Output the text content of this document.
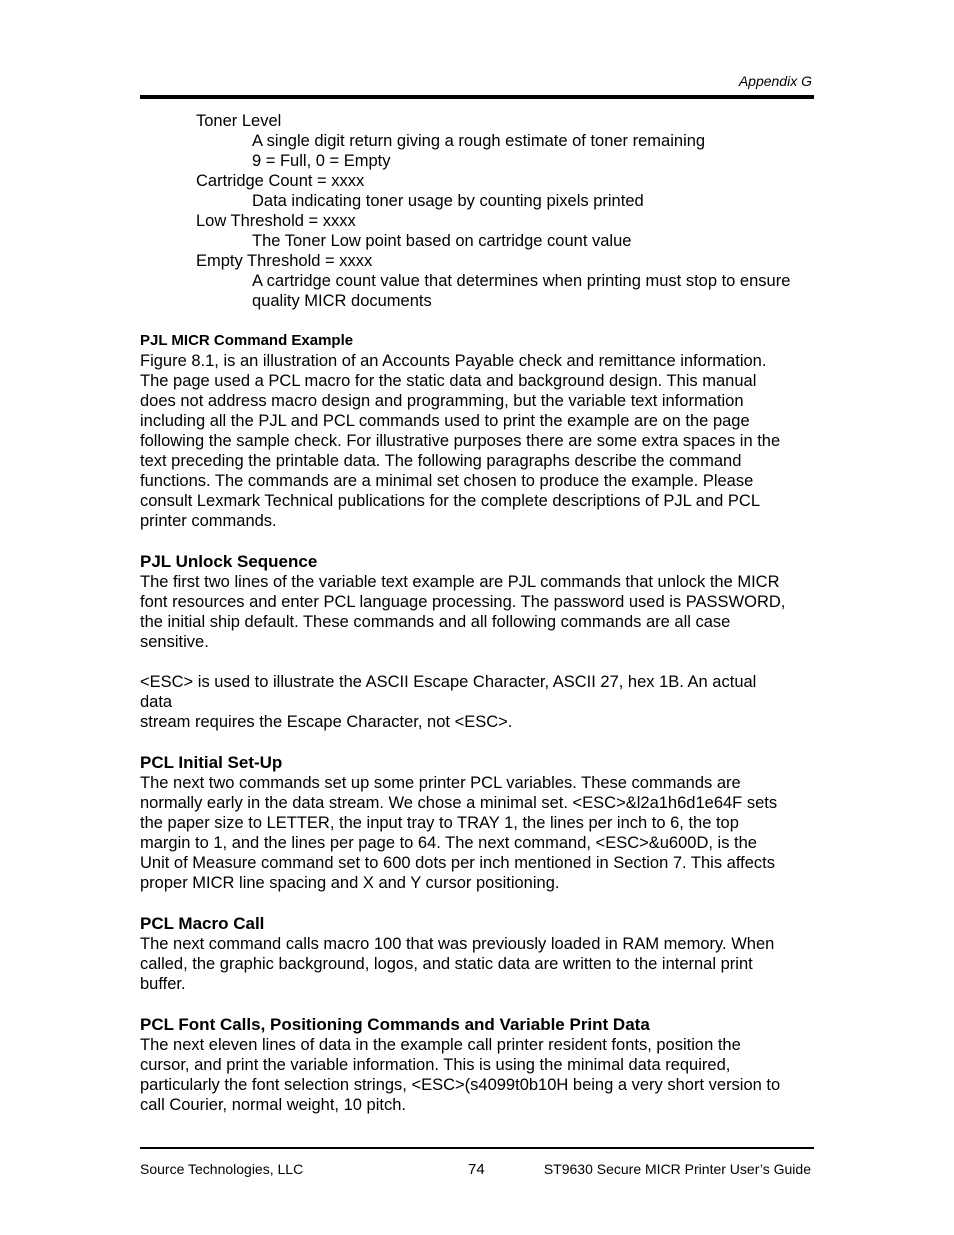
Appendix G
Toner Level
A single digit return giving a rough estimate of toner remaining
9 = Full, 0 = Empty
Cartridge Count = xxxx
Data indicating toner usage by counting pixels printed
Low Threshold = xxxx
The Toner Low point based on cartridge count value
Empty Threshold = xxxx
A cartridge count value that determines when printing must stop to ensure
quality MICR documents
PJL MICR Command Example

Figure 8.1, is an illustration of an Accounts Payable check and remittance information.

The page used a PCL macro for the static data and background design. This manual

does not address macro design and programming, but the variable text information

including all the PJL and PCL commands used to print the example are on the page

following the sample check. For illustrative purposes there are some extra spaces in the

text preceding the printable data. The following paragraphs describe the command

functions. The commands are a minimal set chosen to produce the example. Please

consult Lexmark Technical publications for the complete descriptions of PJL and PCL

printer commands.

PJL Unlock Sequence

The first two lines of the variable text example are PJL commands that unlock the MICR

font resources and enter PCL language processing. The password used is PASSWORD,

the initial ship default. These commands and all following commands are all case

sensitive.

<ESC> is used to illustrate the ASCII Escape Character, ASCII 27, hex 1B. An actual

data

stream requires the Escape Character, not <ESC>.

PCL Initial Set-Up

The next two commands set up some printer PCL variables. These commands are

normally early in the data stream. We chose a minimal set. <ESC>&l2a1h6d1e64F sets

the paper size to LETTER, the input tray to TRAY 1, the lines per inch to 6, the top

margin to 1, and the lines per page to 64. The next command, <ESC>&u600D, is the

Unit of Measure command set to 600 dots per inch mentioned in Section 7. This affects

proper MICR line spacing and X and Y cursor positioning.

PCL Macro Call

The next command calls macro 100 that was previously loaded in RAM memory. When

called, the graphic background, logos, and static data are written to the internal print

buffer.

PCL Font Calls, Positioning Commands and Variable Print Data

The next eleven lines of data in the example call printer resident fonts, position the

cursor, and print the variable information. This is using the minimal data required,

particularly the font selection strings, <ESC>(s4099t0b10H being a very short version to

call Courier, normal weight, 10 pitch.

Source Technologies, LLC	74	ST9630 Secure MICR Printer User’s Guide
